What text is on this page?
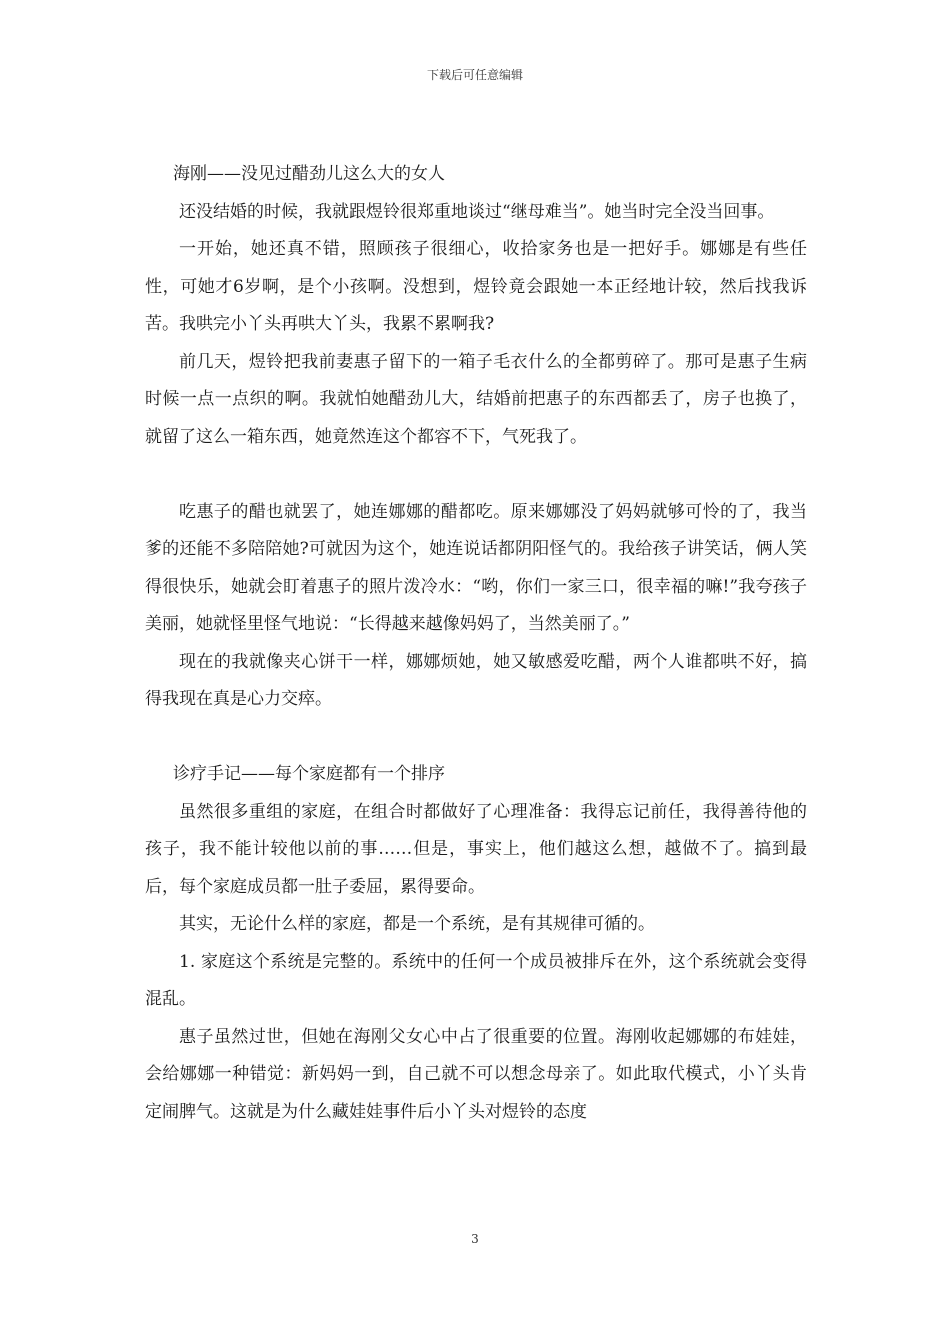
下载后可任意编辑

海刚——没见过醋劲儿这么大的女人

还没结婚的时候，我就跟煜铃很郑重地谈过“继母难当”。她当时完全没当回事。

一开始，她还真不错，照顾孩子很细心，收拾家务也是一把好手。娜娜是有些任性，可她才6岁啊，是个小孩啊。没想到，煜铃竟会跟她一本正经地计较，然后找我诉苦。我哄完小丫头再哄大丫头，我累不累啊我?

前几天，煜铃把我前妻惠子留下的一箱子毛衣什么的全都剪碎了。那可是惠子生病时候一点一点织的啊。我就怕她醋劲儿大，结婚前把惠子的东西都丢了，房子也换了，就留了这么一箱东西，她竟然连这个都容不下，气死我了。

吃惠子的醋也就罢了，她连娜娜的醋都吃。原来娜娜没了妈妈就够可怜的了，我当爹的还能不多陪陪她?可就因为这个，她连说话都阴阳怪气的。我给孩子讲笑话，俩人笑得很快乐，她就会盯着惠子的照片泼冷水：“哟，你们一家三口，很幸福的嘛!”我夸孩子美丽，她就怪里怪气地说：“长得越来越像妈妈了，当然美丽了。”

现在的我就像夹心饼干一样，娜娜烦她，她又敏感爱吃醋，两个人谁都哄不好，搞得我现在真是心力交瘁。

诊疗手记——每个家庭都有一个排序

虽然很多重组的家庭，在组合时都做好了心理准备：我得忘记前任，我得善待他的孩子，我不能计较他以前的事……但是，事实上，他们越这么想，越做不了。搞到最后，每个家庭成员都一肚子委屈，累得要命。

其实，无论什么样的家庭，都是一个系统，是有其规律可循的。

1. 家庭这个系统是完整的。系统中的任何一个成员被排斥在外，这个系统就会变得混乱。

惠子虽然过世，但她在海刚父女心中占了很重要的位置。海刚收起娜娜的布娃娃，会给娜娜一种错觉：新妈妈一到，自己就不可以想念母亲了。如此取代模式，小丫头肯定闹脾气。这就是为什么藏娃娃事件后小丫头对煜铃的态度

3
